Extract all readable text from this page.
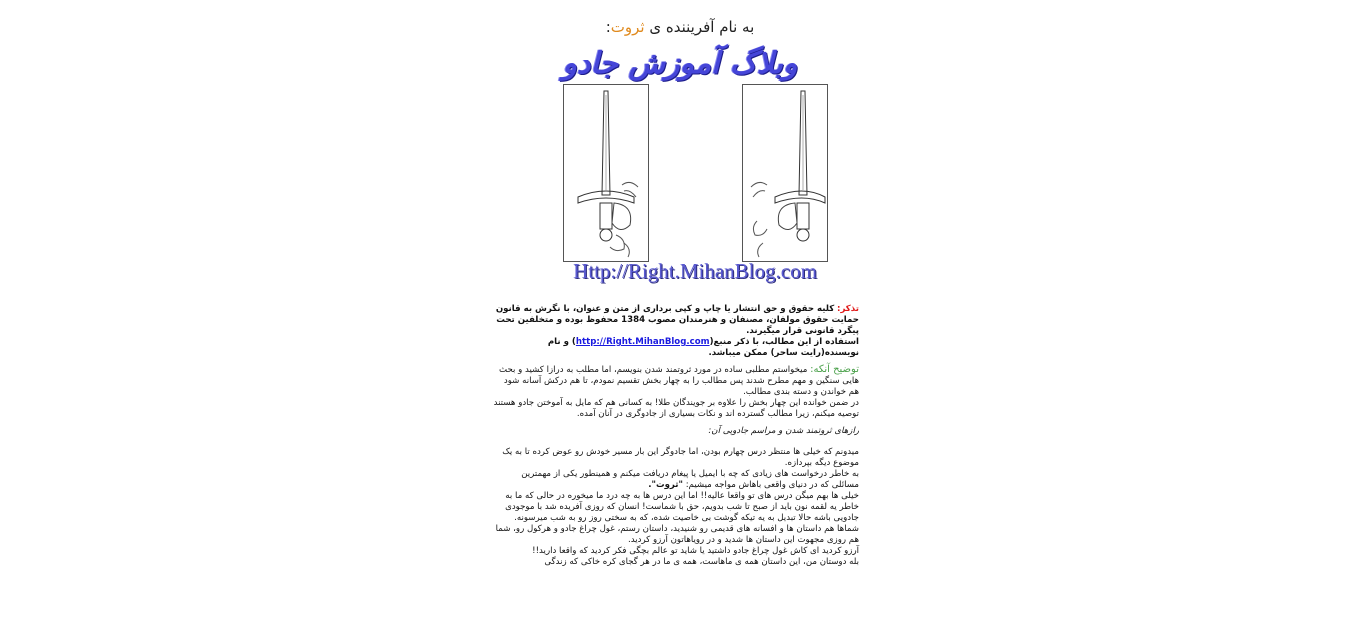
به نام آفریننده ی ثروت:
وبلاگ آموزش جادو
Http://Right.MihanBlog.com
تذکر: کلیه حقوق و حق انتشار یا چاپ و کپی برداری از متن و عنوان، با نگرش به قانون حمایت حقوق مولفان، مصنفان و هنرمندان مصوب 1384 محفوظ بوده و متخلفین تحت پیگرد قانونی قرار میگیرند.
استفاده از این مطالب، با ذکر منبع(http://Right.MihanBlog.com) و نام نویسنده(رایت ساحر) ممکن میباشد.
توضیح آنکه: میخواستم مطلبی ساده در مورد ثروتمند شدن بنویسم، اما مطلب به درازا کشید و بحث هایی سنگین و مهم مطرح شدند پس مطالب را به چهار بخش تقسیم نمودم، تا هم درکش آسانه شود هم خواندن و دسته بندی مطالب.
در ضمن خوانده این چهار بخش را علاوه بر جویندگان طلا! به کسانی هم که مایل به آموختن جادو هستند توصیه میکنم، زیرا مطالب گسترده اند و نکات بسیاری از جادوگری در آنان آمده.
رازهای ثروتمند شدن و مراسم جادویی آن:
میدونم که خیلی ها منتظر درس چهارم بودن، اما جادوگر این بار مسیر خودش رو عوض کرده تا به یک موضوع دیگه بپردازه.
به خاطر درخواست های زیادی که چه با ایمیل یا پیغام دریافت میکنم و همینطور یکی از مهمترین مسائلی که در دنیای واقعی باهاش مواجه میشیم: "ثروت".
خیلی ها بهم میگن درس های تو واقعا عالیه!! اما این درس ها به چه درد ما میخوره در حالی که ما به خاطر یه لقمه نون باید از صبح تا شب بدویم، حق با شماست! انسان که روزی آفریده شد با موجودی جادویی باشه حالا تبدیل به یه تیکه گوشت بی خاصیت شده، که به سختی روز رو به شب میرسونه.
شماها هم داستان ها و افسانه های قدیمی رو شنیدید، داستان رستم، غول چراغ جادو و هرکول رو، شما هم روزی مجهوت این داستان ها شدید و در رویاهاتون آرزو کردید.
آرزو کردید ای کاش غول چراغ جادو داشتید یا شاید تو عالم بچگی فکر کردید که واقعا دارید!!
بله دوستان من، این داستان همه ی ماهاست، همه ی ما در هر گجای کره خاکی که زندگی
